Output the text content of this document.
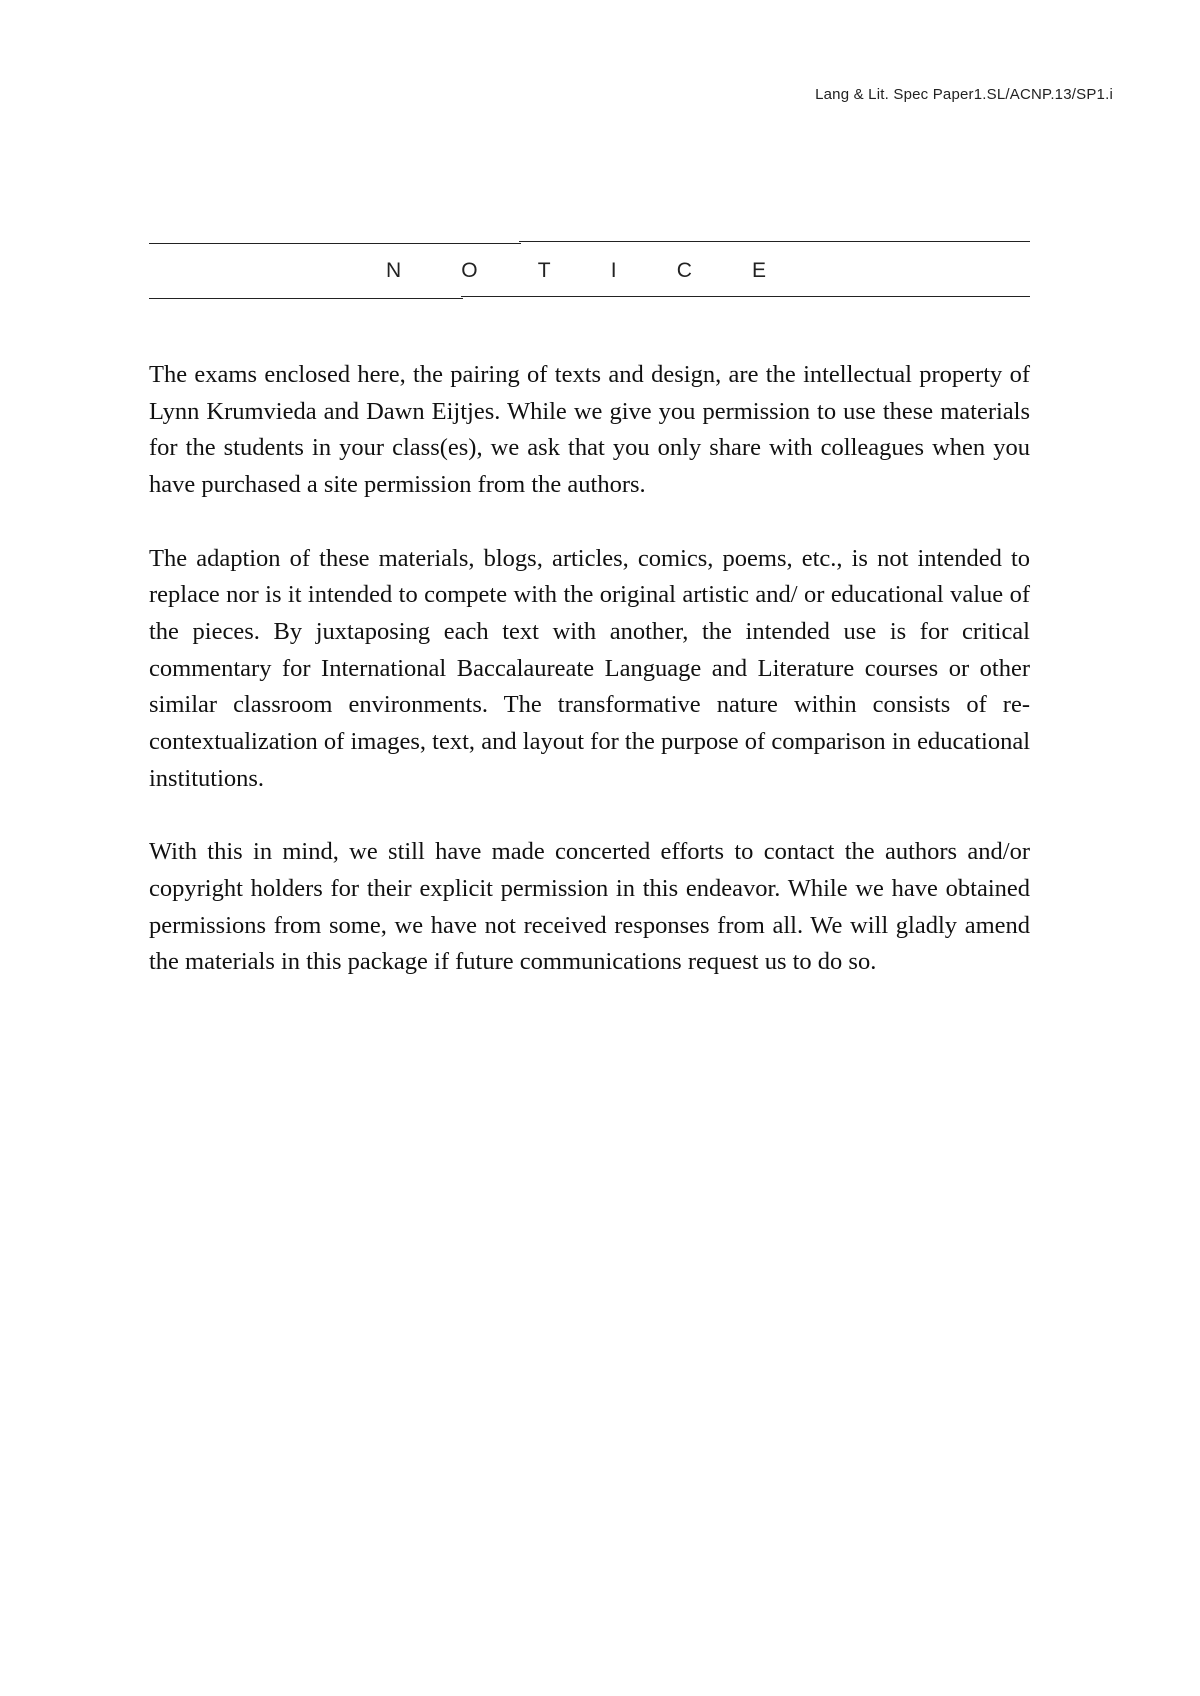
Lang & Lit. Spec Paper1.SL/ACNP.13/SP1.i
N	O	T	I	C	E

The exams enclosed here, the pairing of texts and design, are the intellectual property of Lynn Krumvieda and Dawn Eijtjes. While we give you permission to use these materials for the students in your class(es), we ask that you only share with colleagues when you have purchased a site permission from the authors.

The adaption of these materials, blogs, articles, comics, poems, etc., is not intended to replace nor is it intended to compete with the original artistic and/ or educational value of the pieces. By juxtaposing each text with another, the intended use is for critical commentary for International Baccalaureate Language and Literature courses or other similar classroom environments. The transformative nature within consists of re-contextualization of images, text, and layout for the purpose of comparison in educational institutions.

With this in mind, we still have made concerted efforts to contact the authors and/or copyright holders for their explicit permission in this endeavor. While we have obtained permissions from some, we have not received responses from all. We will gladly amend the materials in this package if future communications request us to do so.
